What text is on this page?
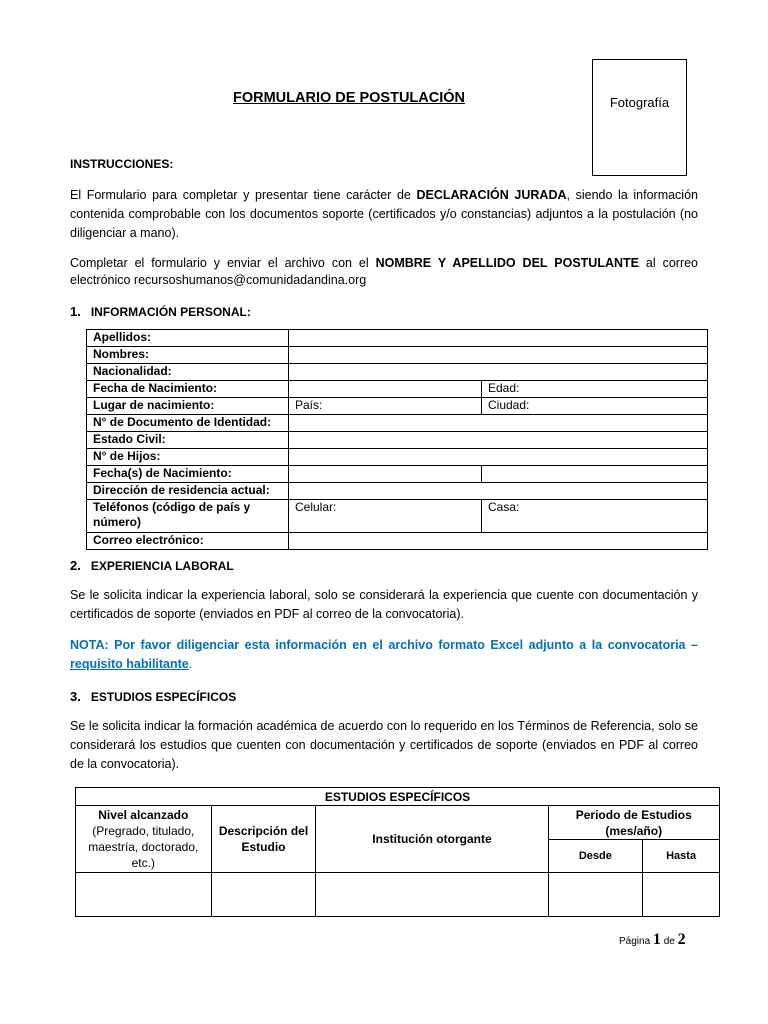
Fotografía
FORMULARIO DE POSTULACIÓN
INSTRUCCIONES:
El Formulario para completar y presentar tiene carácter de DECLARACIÓN JURADA, siendo la información contenida comprobable con los documentos soporte (certificados y/o constancias) adjuntos a la postulación (no diligenciar a mano).
Completar el formulario y enviar el archivo con el NOMBRE Y APELLIDO DEL POSTULANTE al correo electrónico recursoshumanos@comunidadandina.org
1. INFORMACIÓN PERSONAL:
Apellidos:		
Nombres:		
Nacionalidad:		
Fecha de Nacimiento:		Edad:
Lugar de nacimiento:	País:	Ciudad:
N° de Documento de Identidad:		
Estado Civil:		
N° de Hijos:		
Fecha(s) de Nacimiento:		
Dirección de residencia actual:		
Teléfonos (código de país y número)	Celular:	Casa:
Correo electrónico:		
2. EXPERIENCIA LABORAL
Se le solicita indicar la experiencia laboral, solo se considerará la experiencia que cuente con documentación y certificados de soporte (enviados en PDF al correo de la convocatoria).
NOTA: Por favor diligenciar esta información en el archivo formato Excel adjunto a la convocatoria – requisito habilitante.
3. ESTUDIOS ESPECÍFICOS
Se le solicita indicar la formación académica de acuerdo con lo requerido en los Términos de Referencia, solo se considerará los estudios que cuenten con documentación y certificados de soporte (enviados en PDF al correo de la convocatoria).
ESTUDIOS ESPECÍFICOS				

Nivel alcanzado
(Pregrado, titulado, maestría, doctorado, etc.)	Descripción del Estudio	Institución otorgante	Periodo de Estudios (mes/año)	
			Desde	Hasta

Página 1 de 2
